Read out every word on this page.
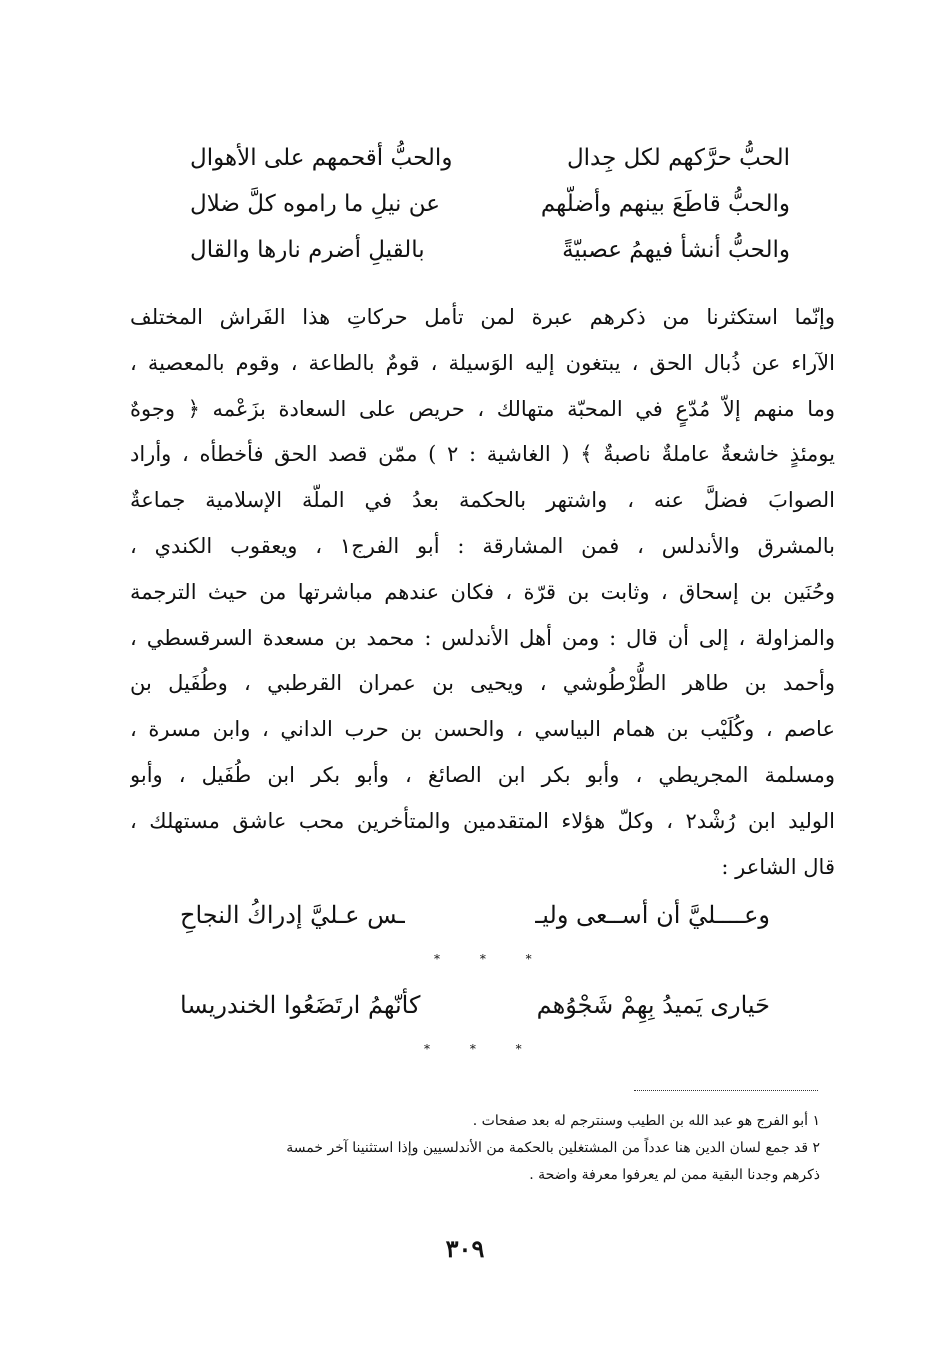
الحبُّ حرَّكهم لكل جِدال
والحبُّ أقحمهم على الأهوال
والحبُّ قاطَعَ بينهم وأضلّهم
عن نيلِ ما راموه كلَّ ضلال
والحبُّ أنشأ فيهمُ عصبيّةً
بالقيلِ أضرم نارها والقال

وإنّما استكثرنا من ذكرهم عبرة لمن تأمل حركاتِ هذا الفَراش المختلف

الآراء عن ذُبال الحق ، يبتغون إليه الوَسيلة ، قومٌ بالطاعة ، وقوم بالمعصية ،

وما منهم إلاّ مُدّعٍ في المحبّة متهالك ، حريص على السعادة بزَعْمه ﴿ وجوهٌ

يومئذٍ خاشعةٌ عاملةٌ ناصبةٌ ﴾ ( الغاشية : ٢ ) ممّن قصد الحق فأخطأه ، وأراد

الصوابَ فضلَّ عنه ، واشتهر بالحكمة بعدُ في الملّة الإسلامية جماعةٌ

بالمشرق والأندلس ، فمن المشارقة : أبو الفرج١ ، ويعقوب الكندي ،

وحُنَين بن إسحاق ، وثابت بن قرّة ، فكان عندهم مباشرتها من حيث الترجمة

والمزاولة ، إلى أن قال : ومن أهل الأندلس : محمد بن مسعدة السرقسطي ،

وأحمد بن طاهر الطُّرْطُوشي ، ويحيى بن عمران القرطبي ، وطُفَيل بن

عاصم ، وكُلَيْب بن همام البياسي ، والحسن بن حرب الداني ، وابن مسرة ،

ومسلمة المجريطي ، وأبو بكر ابن الصائغ ، وأبو بكر ابن طُفَيل ، وأبو

الوليد ابن رُشْد٢ ، وكلّ هؤلاء المتقدمين والمتأخرين محب عاشق مستهلك ،

قال الشاعر :

وعــــليَّ أن أســعى وليـ
ـس عـليَّ إدراكُ النجاحِ
* * *
حَيارى يَميدُ بِهِمْ شَجْوُهم
كأنّهمُ ارتَضَعُوا الخندريسا
* * *
١ أبو الفرج هو عبد الله بن الطيب وسنترجم له بعد صفحات .
٢ قد جمع لسان الدين هنا عدداً من المشتغلين بالحكمة من الأندلسيين وإذا استثنينا آخر خمسة
ذكرهم وجدنا البقية ممن لم يعرفوا معرفة واضحة .
٣٠٩
